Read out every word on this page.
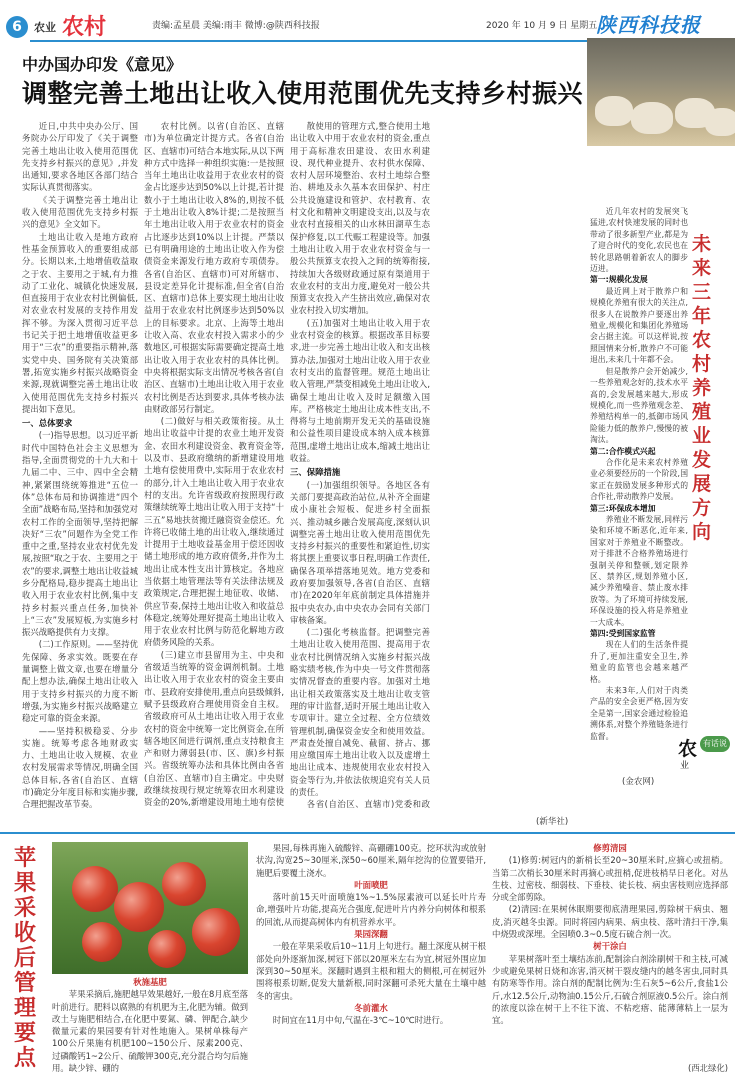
6	农业 农村	责编:孟星晨 美编:雨丰 微博:@陕西科技报	2020 年 10 月 9 日 星期五
陕西科技报
中办国办印发《意见》
调整完善土地出让收入使用范围优先支持乡村振兴

近日,中共中央办公厅、国务院办公厅印发了《关于调整完善土地出让收入使用范围优先支持乡村振兴的意见》,并发出通知,要求各地区各部门结合实际认真贯彻落实。

《关于调整完善土地出让收入使用范围优先支持乡村振兴的意见》全文如下。

土地出让收入是地方政府性基金预算收入的重要组成部分。长期以来,土地增值收益取之于农、主要用之于城,有力推动了工业化、城镇化快速发展,但直接用于农业农村比例偏低,对农业农村发展的支持作用发挥不够。为深入贯彻习近平总书记关于把土地增值收益更多用于“三农”的重要指示精神,落实党中央、国务院有关决策部署,拓宽实施乡村振兴战略资金来源,现就调整完善土地出让收入使用范围优先支持乡村振兴提出如下意见。

一、总体要求

(一)指导思想。以习近平新时代中国特色社会主义思想为指导,全面贯彻党的十九大和十九届二中、三中、四中全会精神,紧紧围绕统筹推进“五位一体”总体布局和协调推进“四个全面”战略布局,坚持和加强党对农村工作的全面领导,坚持把解决好“三农”问题作为全党工作重中之重,坚持农业农村优先发展,按照“取之于农、主要用之于农”的要求,调整土地出让收益城乡分配格局,稳步提高土地出让收入用于农业农村比例,集中支持乡村振兴重点任务,加快补上“三农”发展短板,为实施乡村振兴战略提供有力支撑。

(二)工作原则。——坚持优先保障、务求实效。既要在存量调整上做文章,也要在增量分配上想办法,确保土地出让收入用于支持乡村振兴的力度不断增强,为实施乡村振兴战略建立稳定可靠的资金来源。

——坚持积极稳妥、分步实施。统筹考虑各地财政实力、土地出让收入规模、农业农村发展需求等情况,明确全国总体目标,各省(自治区、直辖市)确定分年度目标和实施步骤,合理把握改革节奏。

农村比例。以省(自治区、直辖市)为单位确定计提方式。各省(自治区、直辖市)可结合本地实际,从以下两种方式中选择一种组织实施:一是按照当年土地出让收益用于农业农村的资金占比逐步达到50%以上计提,若计提数小于土地出让收入8%的,则按不低于土地出让收入8%计提;二是按照当年土地出让收入用于农业农村的资金占比逐步达到10%以上计提。严禁以已有明确用途的土地出让收入作为偿债资金来源发行地方政府专项债券。各省(自治区、直辖市)可对所辖市、县设定差异化计提标准,但全省(自治区、直辖市)总体上要实现土地出让收益用于农业农村比例逐步达到50%以上的目标要求。北京、上海等土地出让收入高、农业农村投入需求小的少数地区,可根据实际需要确定提高土地出让收入用于农业农村的具体比例。中央将根据实际支出情况考核各省(自治区、直辖市)土地出让收入用于农业农村比例是否达到要求,具体考核办法由财政部另行制定。

(二)做好与相关政策衔接。从土地出让收益中计提的农业土地开发资金、农田水利建设资金、教育资金等,以及市、县政府缴纳的新增建设用地土地有偿使用费中,实际用于农业农村的部分,计入土地出让收入用于农业农村的支出。允许省级政府按照现行政策继续统筹土地出让收入用于支持“十三五”易地扶贫搬迁融资资金偿还。允许将已收储土地的出让收入,继续通过计提用于土地收益基金用于偿还因收储土地形成的地方政府债务,并作为土地出让成本性支出计算核定。各地应当依据土地管理法等有关法律法规及政策规定,合理把握土地征收、收储、供应节奏,保持土地出让收入和收益总体稳定,统筹处理好提高土地出让收入用于农业农村比例与防范化解地方政府债务风险的关系。

(三)建立市县留用为主、中央和省级适当统筹的资金调剂机制。土地出让收入用于农业农村的资金主要由市、县政府安排使用,重点向县级倾斜,赋予县级政府合理使用资金自主权。省级政府可从土地出让收入用于农业农村的资金中统筹一定比例资金,在所辖各地区间进行调剂,重点支持粮食主产和财力薄弱县(市、区、旗)乡村振兴。省级统筹办法和具体比例由各省(自治区、直辖市)自主确定。中央财政继续按现行规定统筹农田水利建设资金的20%,新增建设用地土地有偿使

散使用的管理方式,整合使用土地出让收入中用于农业农村的资金,重点用于高标准农田建设、农田水利建设、现代种业提升、农村供水保障、农村人居环境整治、农村土地综合整治、耕地及永久基本农田保护、村庄公共设施建设和管护、农村教育、农村文化和精神文明建设支出,以及与农业农村直接相关的山水林田湖草生态保护修复,以工代赈工程建设等。加强土地出让收入用于农业农村资金与一般公共预算支农投入之间的统筹衔接,持续加大各级财政通过原有渠道用于农业农村的支出力度,避免对一般公共预算支农投入产生挤出效应,确保对农业农村投入切实增加。

(五)加强对土地出让收入用于农业农村资金的核算。根据改革目标要求,进一步完善土地出让收入和支出核算办法,加强对土地出让收入用于农业农村支出的监督管理。规范土地出让收入管理,严禁变相减免土地出让收入,确保土地出让收入及时足额缴入国库。严格核定土地出让成本性支出,不得将与土地前期开发无关的基础设施和公益性项目建设成本纳入成本核算范围,虚增土地出让成本,缩减土地出让收益。

三、保障措施

(一)加强组织领导。各地区各有关部门要提高政治站位,从补齐全面建成小康社会短板、促进乡村全面振兴、推动城乡融合发展高度,深刻认识调整完善土地出让收入使用范围优先支持乡村振兴的重要性和紧迫性,切实将其摆上重要议事日程,明确工作责任,确保各项举措落地见效。地方党委和政府要加强领导,各省(自治区、直辖市)在2020年年底前制定具体措施并报中央农办,由中央农办会同有关部门审核备案。

(二)强化考核监督。把调整完善土地出让收入使用范围、提高用于农业农村比例情况纳入实施乡村振兴战略实绩考核,作为中央一号文件贯彻落实情况督查的重要内容。加强对土地出让相关政策落实及土地出让收支管理的审计监督,适时开展土地出让收入专项审计。建立全过程、全方位绩效管理机制,确保资金安全和使用效益。严肃查处擅自减免、截留、挤占、挪用应缴国库土地出让收入以及虚增土地出让成本、违规使用农业农村投入资金等行为,并依法依规追究有关人员的责任。

各省(自治区、直辖市)党委和政

(新华社)
未来三年农村养殖业发展方向

近几年农村的发展突飞猛进,农村快速发展的同时也带动了很多新型产业,都是为了迎合时代的变化,农民也在转化思路朝着新农人的脚步迈进。

第一:规模化发展

最近网上对于散养户和规模化养殖有很大的关注点,很多人在说散养户要逐出养殖业,规模化和集团化养殖场会占据主流。可以这样说,按照国情来分析,散养户不可能退出,未来几十年都不会。

但是散养户会开始减少,一些养殖观念好的,技术水平高的,会发展越来越大,形成规模化,而一些养殖观念差、养殖结构单一的,抵御市场风险能力低的散养户,慢慢的被淘汰。

第二:合作模式兴起

合作化是未来农村养殖业必须要经历的一个阶段,国家正在鼓励发展多种形式的合作社,带动散养户发展。

第三:环保成本增加

养殖业不断发展,同样污染和环境不断恶化,近年来,国家对于养殖业不断整改。对于排泄不合格养殖场进行强制关停和整顿,划定限养区、禁养区,规划养殖小区,减少养殖噪音、禁止废水排放等。为了环境可持续发展,环保设施的投入将是养殖业一大成本。

第四:受到国家监管

现在人们的生活条件提升了,更加注重安全卫生,养殖业的监管也会越来越严格。

未来3年,人们对于肉类产品的安全会更严格,因为安全是第一,国家会通过检验追溯体系,对整个养殖链条进行监督。

(金农网)
农
业
有话说
苹果采收后管理要点

秋施基肥

苹果采摘后,施肥越早效果越好,一般在8月底至落叶前进行。肥料以腐熟的有机肥为主,化肥为辅。做到改土与施肥相结合,在化肥中要氮、磷、钾配合,缺少微量元素的果园要有针对性地施入。果树单株每产100公斤果施有机肥100~150公斤、尿素200克、过磷酸钙1~2公斤、硫酸钾300克,充分混合均匀后施用。缺少锌、硼的

果园,每株再施入硫酸锌、高硼硼100克。挖环状沟或放射状沟,沟宽25~30厘米,深50~60厘米,隔年挖沟的位置要错开,施肥后要覆土浇水。

叶面喷肥

落叶前15天叶面喷施1%~1.5%尿素液可以延长叶片寿命,增强叶片功能,提高光合强度,促进叶片内养分向树体和根系的回流,从而提高树体内有机营养水平。

果园深翻

一般在苹果采收后10~11月上旬进行。翻土深度从树干根部处向外逐渐加深,树冠下部以20厘米左右为宜,树冠外围应加深到30~50厘米。深翻时遇到主根和粗大的侧根,可在树冠外围将根系切断,促发大量新根,同时深翻可杀死大量在土壤中越冬的害虫。

冬前灌水

时间宜在11月中旬,气温在-3℃~10℃时进行。

修剪清园

(1)修剪:树冠内的新梢长至20~30厘米时,应摘心或扭梢。当第二次梢长30厘米时再摘心或扭梢,促进枝梢早日老化。对丛生枝、过密枝、细弱枝、下垂枝、徒长枝、病虫害枝则应选择部分或全部剪除。

(2)清园:在果树休眠期要彻底清理果园,剪除树干病虫、翘皮,消灭越冬虫源。同时将园内病果、病虫枝、落叶清扫干净,集中烧毁或深埋。全园喷0.3~0.5度石硫合剂一次。

树干涂白

苹果树落叶至土壤结冻前,配制涂白剂涂刷树干和主枝,可减少或避免果树日烧和冻害,消灭树干裂皮缝内的越冬害虫,同时具有防寒等作用。涂白剂的配制比例为:生石灰5~6公斤,食盐1公斤,水12.5公斤,动物油0.15公斤,石硫合剂原液0.5公斤。涂白剂的浓度以涂在树干上不往下流、不粘疙瘩、能薄薄粘上一层为宜。

(西北绿化)
